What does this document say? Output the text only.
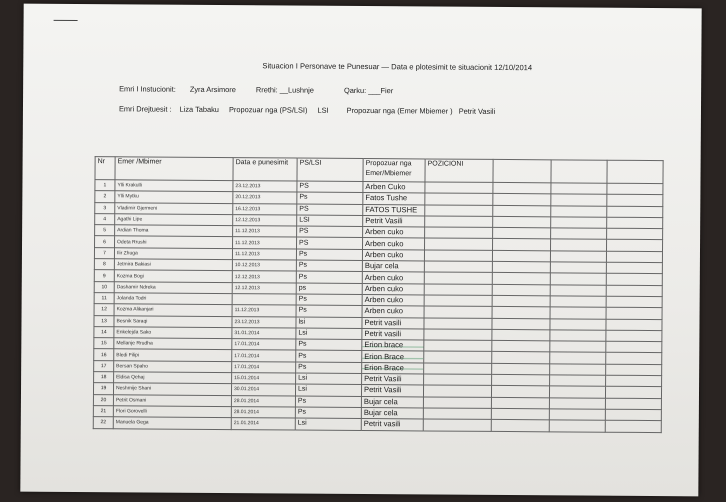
Situacion I Personave te Punesuar — Data e plotesimit te situacionit 12/10/2014
Emri I Instucionit: Zyra Arsimore	Rrethi: __Lushnje	Qarku: ___Fier
Emri Drejtuesit : Liza Tabaku Propozuar nga (PS/LSI) LSI Propozuar nga (Emer Mbiemer ) Petrit Vasili
Nr	Emer /Mbimer	Data e punesimit	PS/LSI	Propozuar nga Emer/Mbiemer	POZICIONI			
1	Ylli Krakulli	23.12.2013	PS	Arben Cuko				
2	Ylli Mytku	20.12.2013	Ps	Fatos Tushe				
3	Vladimir Gjermeni	16.12.2013	PS	FATOS TUSHE				
4	Agathi Lipe	12.12.2013	LSI	Petrit Vasili				
5	Ardian Thoma	11.12.2013	PS	Arben cuko				
6	Odeta Rrushi	11.12.2013	PS	Arben cuko				
7	Ilir Zhuga	11.12.2013	Ps	Arben cuko				
8	Jetmira Bakiasi	10.12.2013	Ps	Bujar cela				
9	Kozma Bogi	12.12.2013	Ps	Arben cuko				
10	Dashamir Ndreka	12.12.2013	ps	Arben cuko				
11	Jolanda Todri		Ps	Arben cuko				
12	Kozma Alikanjari	11.12.2013	Ps	Arben cuko				
13	Besnik Saraqi	23.12.2013	lsi	Petrit vasili				
14	Enkelejda Sako	31.01.2014	Lsi	Petrit vasili				
15	Mellanje Rrudha	17.01.2014	Ps	Erion brace				
16	Bledi Filipi	17.01.2014	Ps	Erion Brace				
17	Bersan Spaho	17.01.2014	Ps	Erion Brace				
18	Eldisa Qehaj	15.01.2014	Lsi	Petrit Vasili				
19	Neshmije Shani	30.01.2014	Lsi	Petrit Vasili				
20	Petrit Osmani	28.01.2014	Ps	Bujar cela				
21	Flori Gorovelli	28.01.2014	Ps	Bujar cela				
22	Manuela Gega	21.01.2014	Lsi	Petrit vasili				
